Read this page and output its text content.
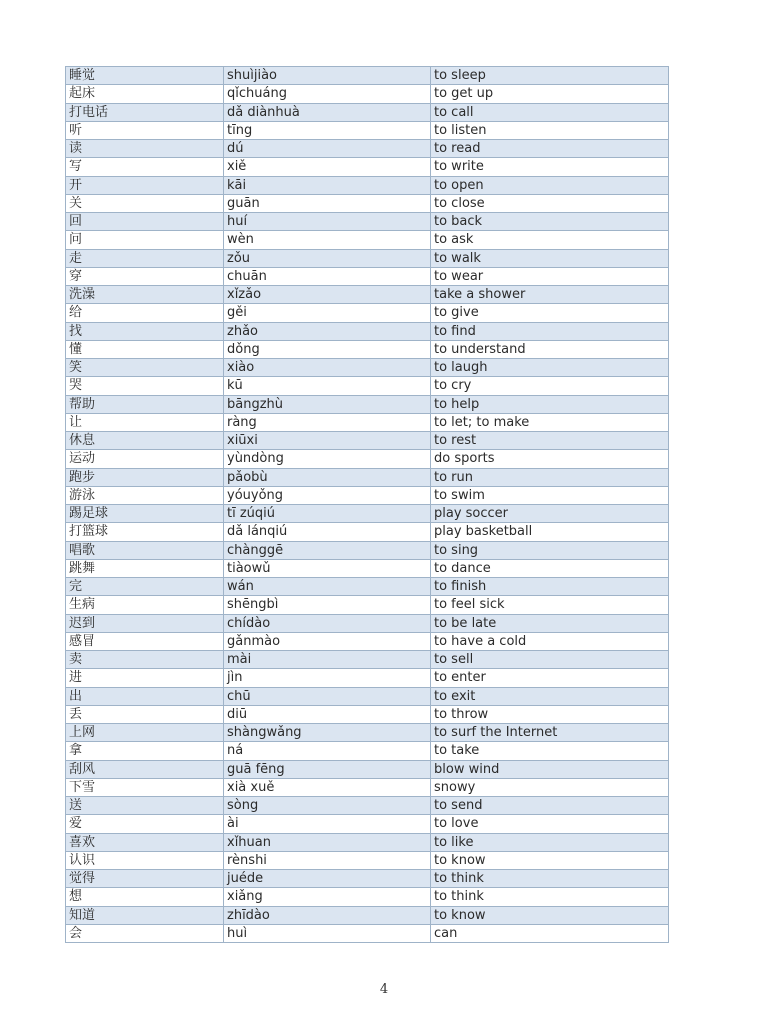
睡觉	shuìjiào	to sleep
起床	qǐchuáng	to get up
打电话	dǎ diànhuà	to call
听	tīng	to listen
读	dú	to read
写	xiě	to write
开	kāi	to open
关	guān	to close
回	huí	to back
问	wèn	to ask
走	zǒu	to walk
穿	chuān	to wear
洗澡	xǐzǎo	take a shower
给	gěi	to give
找	zhǎo	to find
懂	dǒng	to understand
笑	xiào	to laugh
哭	kū	to cry
帮助	bāngzhù	to help
让	ràng	to let; to make
休息	xiūxi	to rest
运动	yùndòng	do sports
跑步	pǎobù	to run
游泳	yóuyǒng	to swim
踢足球	tī zúqiú	play soccer
打篮球	dǎ lánqiú	play basketball
唱歌	chànggē	to sing
跳舞	tiàowǔ	to dance
完	wán	to finish
生病	shēngbì	to feel sick
迟到	chídào	to be late
感冒	gǎnmào	to have a cold
卖	mài	to sell
进	jìn	to enter
出	chū	to exit
丢	diū	to throw
上网	shàngwǎng	to surf the Internet
拿	ná	to take
刮风	guā fēng	blow wind
下雪	xià xuě	snowy
送	sòng	to send
爱	ài	to love
喜欢	xǐhuan	to like
认识	rènshi	to know
觉得	juéde	to think
想	xiǎng	to think
知道	zhīdào	to know
会	huì	can
4
